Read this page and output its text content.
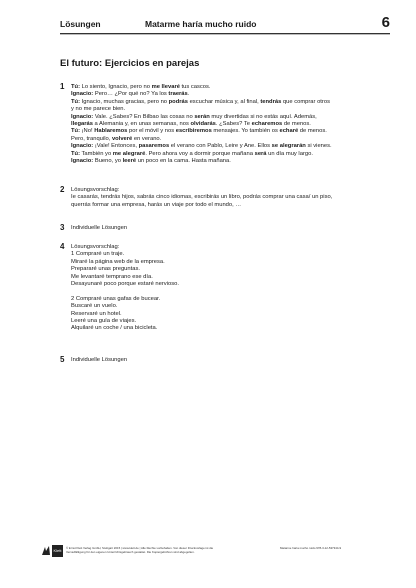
Lösungen	Matarme haría mucho ruido	6
El futuro: Ejercicios en parejas
1 Tú: Lo siento, Ignacio, pero no me llevaré tus cascos.
Ignacio: Pero… ¿Por qué no? Ya los traerás.
Tú: Ignacio, muchas gracias, pero no podrás escuchar música y, al final, tendrás que comprar otros
y no me parece bien.
Ignacio: Vale. ¿Sabes? En Bilbao las cosas no serán muy divertidas si no estás aquí. Además,
llegarás a Alemania y, en unas semanas, nos olvidarás. ¿Sabes? Te echaremos de menos.
Tú: ¡No! Hablaremos por el móvil y nos escribiremos mensajes. Yo también os echaré de menos.
Pero, tranquilo, volveré en verano.
Ignacio: ¡Vale! Entonces, pasaremos el verano con Pablo, Leire y Ane. Ellos se alegrarán si vienes.
Tú: También yo me alegraré. Pero ahora voy a dormir porque mañana será un día muy largo.
Ignacio: Bueno, yo leeré un poco en la cama. Hasta mañana.
2 Lösungsvorschlag:
Ie casarás, tendrás hijos, sabrás cinco idiomas, escribirás un libro, podrás comprar una casa/ un piso,
querrás formar una empresa, harás un viaje por todo el mundo, …
3 Individuelle Lösungen
4 Lösungsvorschlag:
1 Compraré un traje.
Miraré la página web de la empresa.
Prepararé unas preguntas.
Me levantaré temprano ese día.
Desayunaré poco porque estaré nervioso.
2 Compraré unas gafas de bucear.
Buscaré un vuelo.
Reservaré un hotel.
Leeré una guía de viajes.
Alquilaré un coche / una bicicleta.
5 Individuelle Lösungen
Klett	© Ernst Klett Verlag GmbH, Stuttgart 2015 | www.klett.de | Alle Rechte vorbehalten. Von dieser Druckvorlage ist die Vervielfältigung für den eigenen Unterrichtsgebrauch gestattet. Die Kopiergebühren sind abgegolten.
Matarme haría mucho ruido 978-3-12-537344-9
